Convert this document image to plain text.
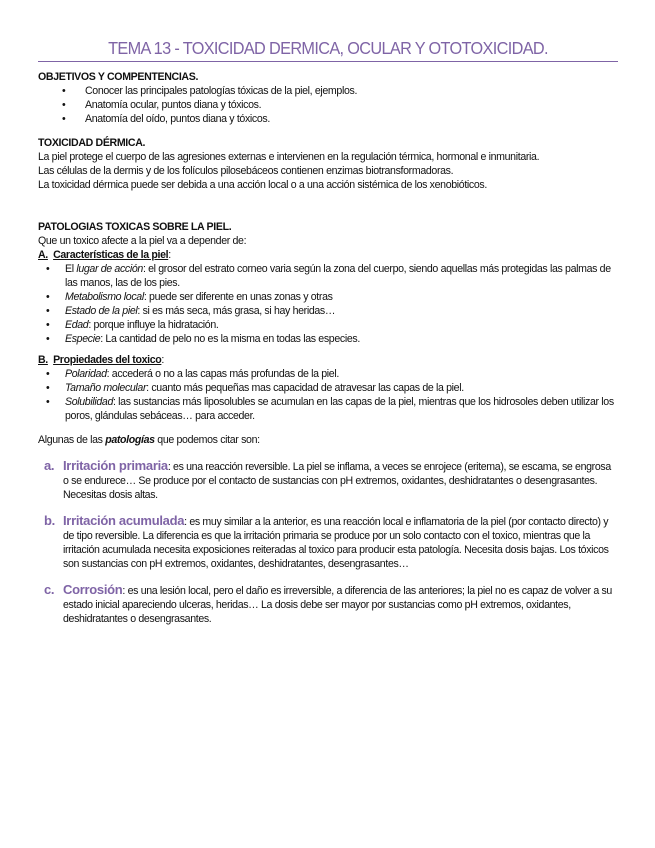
TEMA 13 - TOXICIDAD DERMICA, OCULAR Y OTOTOXICIDAD.

OBJETIVOS Y COMPENTENCIAS.

• Conocer las principales patologías tóxicas de la piel, ejemplos.
• Anatomía ocular, puntos diana y tóxicos.
• Anatomía del oído, puntos diana y tóxicos.

TOXICIDAD DÉRMICA.

La piel protege el cuerpo de las agresiones externas e intervienen en la regulación térmica, hormonal e inmunitaria.

Las células de la dermis y de los folículos pilosebáceos contienen enzimas biotransformadoras.

La toxicidad dérmica puede ser debida a una acción local o a una acción sistémica de los xenobióticos.

PATOLOGIAS TOXICAS SOBRE LA PIEL.

Que un toxico afecte a la piel va a depender de:

A. Características de la piel:

• El lugar de acción: el grosor del estrato corneo varia según la zona del cuerpo, siendo aquellas más protegidas las palmas de las manos, las de los pies.
• Metabolismo local: puede ser diferente en unas zonas y otras
• Estado de la piel: si es más seca, más grasa, si hay heridas…
• Edad: porque influye la hidratación.
• Especie: La cantidad de pelo no es la misma en todas las especies.

B. Propiedades del toxico:

• Polaridad: accederá o no a las capas más profundas de la piel.
• Tamaño molecular: cuanto más pequeñas mas capacidad de atravesar las capas de la piel.
• Solubilidad: las sustancias más liposolubles se acumulan en las capas de la piel, mientras que los hidrosoles deben utilizar los poros, glándulas sebáceas… para acceder.

Algunas de las patologías que podemos citar son:

a. Irritación primaria: es una reacción reversible. La piel se inflama, a veces se enrojece (eritema), se escama, se engrosa o se endurece… Se produce por el contacto de sustancias con pH extremos, oxidantes, deshidratantes o desengrasantes. Necesitas dosis altas.
b. Irritación acumulada: es muy similar a la anterior, es una reacción local e inflamatoria de la piel (por contacto directo) y de tipo reversible. La diferencia es que la irritación primaria se produce por un solo contacto con el toxico, mientras que la irritación acumulada necesita exposiciones reiteradas al toxico para producir esta patología. Necesita dosis bajas. Los tóxicos son sustancias con pH extremos, oxidantes, deshidratantes, desengrasantes…
c. Corrosión: es una lesión local, pero el daño es irreversible, a diferencia de las anteriores; la piel no es capaz de volver a su estado inicial apareciendo ulceras, heridas… La dosis debe ser mayor por sustancias como pH extremos, oxidantes, deshidratantes o desengrasantes.
